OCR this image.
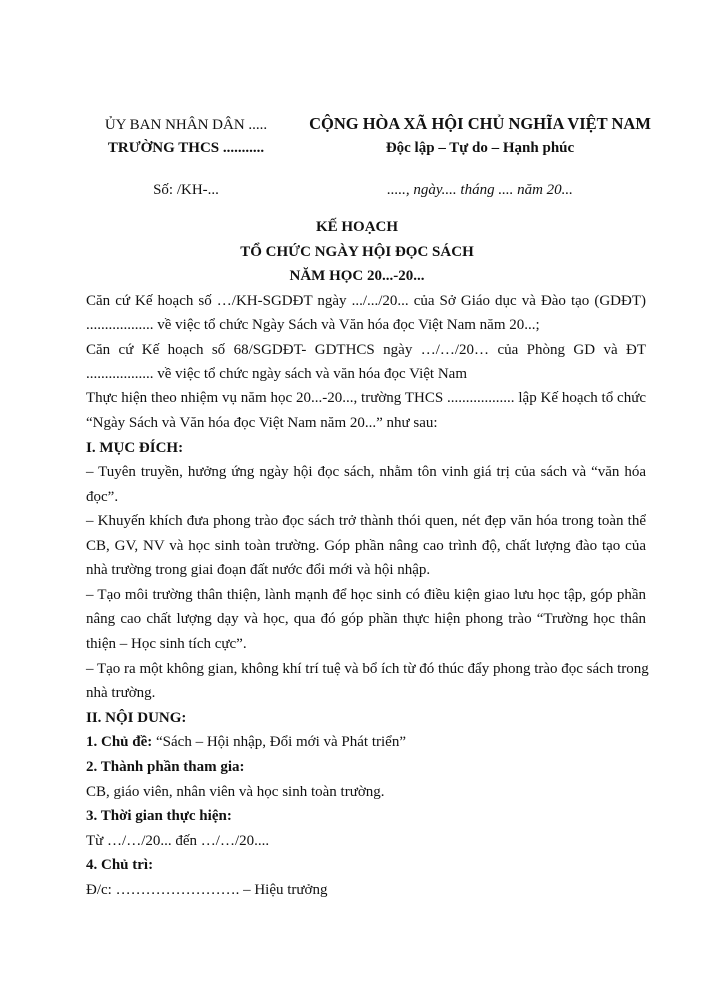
ỦY BAN NHÂN DÂN .....
TRƯỜNG THCS ...........
CỘNG HÒA XÃ HỘI CHỦ NGHĨA VIỆT NAM
Độc lập – Tự do – Hạnh phúc
Số: /KH-...	....., ngày.... tháng .... năm 20...
KẾ HOẠCH
TỔ CHỨC NGÀY HỘI ĐỌC SÁCH
NĂM HỌC 20...-20...
Căn cứ Kế hoạch số …/KH-SGDĐT ngày .../.../20... của Sở Giáo dục và Đào tạo (GDĐT)
.................. về việc tổ chức Ngày Sách và Văn hóa đọc Việt Nam năm 20...;
Căn cứ Kế hoạch số 68/SGDĐT- GDTHCS ngày …/…/20… của Phòng GD và ĐT
.................. về việc tổ chức ngày sách và văn hóa đọc Việt Nam
Thực hiện theo nhiệm vụ năm học 20...-20..., trường THCS .................. lập Kế hoạch tổ chức
“Ngày Sách và Văn hóa đọc Việt Nam năm 20...” như sau:
I. MỤC ĐÍCH:
– Tuyên truyền, hưởng ứng ngày hội đọc sách, nhằm tôn vinh giá trị của sách và “văn hóa
đọc”.
– Khuyến khích đưa phong trào đọc sách trở thành thói quen, nét đẹp văn hóa trong toàn thể
CB, GV, NV và học sinh toàn trường. Góp phần nâng cao trình độ, chất lượng đào tạo của
nhà trường trong giai đoạn đất nước đổi mới và hội nhập.
– Tạo môi trường thân thiện, lành mạnh để học sinh có điều kiện giao lưu học tập, góp phần
nâng cao chất lượng dạy và học, qua đó góp phần thực hiện phong trào “Trường học thân
thiện – Học sinh tích cực”.
– Tạo ra một không gian, không khí trí tuệ và bổ ích từ đó thúc đẩy phong trào đọc sách trong
nhà trường.
II. NỘI DUNG:
1. Chủ đề: “Sách – Hội nhập, Đổi mới và Phát triển”
2. Thành phần tham gia:
CB, giáo viên, nhân viên và học sinh toàn trường.
3. Thời gian thực hiện:
Từ …/…/20... đến …/…/20....
4. Chủ trì:
Đ/c: ……………………. – Hiệu trưởng
